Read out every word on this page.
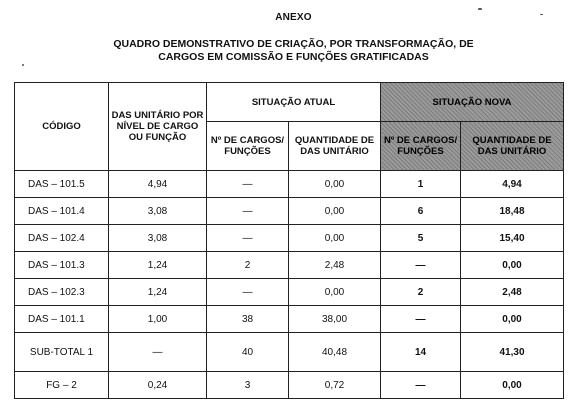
ANEXO
QUADRO DEMONSTRATIVO DE CRIAÇÃO, POR TRANSFORMAÇÃO, DE
CARGOS EM COMISSÃO E FUNÇÕES GRATIFICADAS
CÓDIGO	DAS UNITÁRIO POR NÍVEL DE CARGO OU FUNÇÃO	SITUAÇÃO ATUAL		SITUAÇÃO NOVA	
		Nº DE CARGOS/ FUNÇÕES	QUANTIDADE DE DAS UNITÁRIO	Nº DE CARGOS/ FUNÇÕES	QUANTIDADE DE DAS UNITÁRIO
DAS – 101.5	4,94	—	0,00	1	4,94
DAS – 101.4	3,08	—	0,00	6	18,48
DAS – 102.4	3,08	—	0,00	5	15,40
DAS – 101.3	1,24	2	2,48	—	0,00
DAS – 102.3	1,24	—	0,00	2	2,48
DAS – 101.1	1,00	38	38,00	—	0,00
SUB-TOTAL 1	—	40	40,48	14	41,30
FG – 2	0,24	3	0,72	—	0,00
